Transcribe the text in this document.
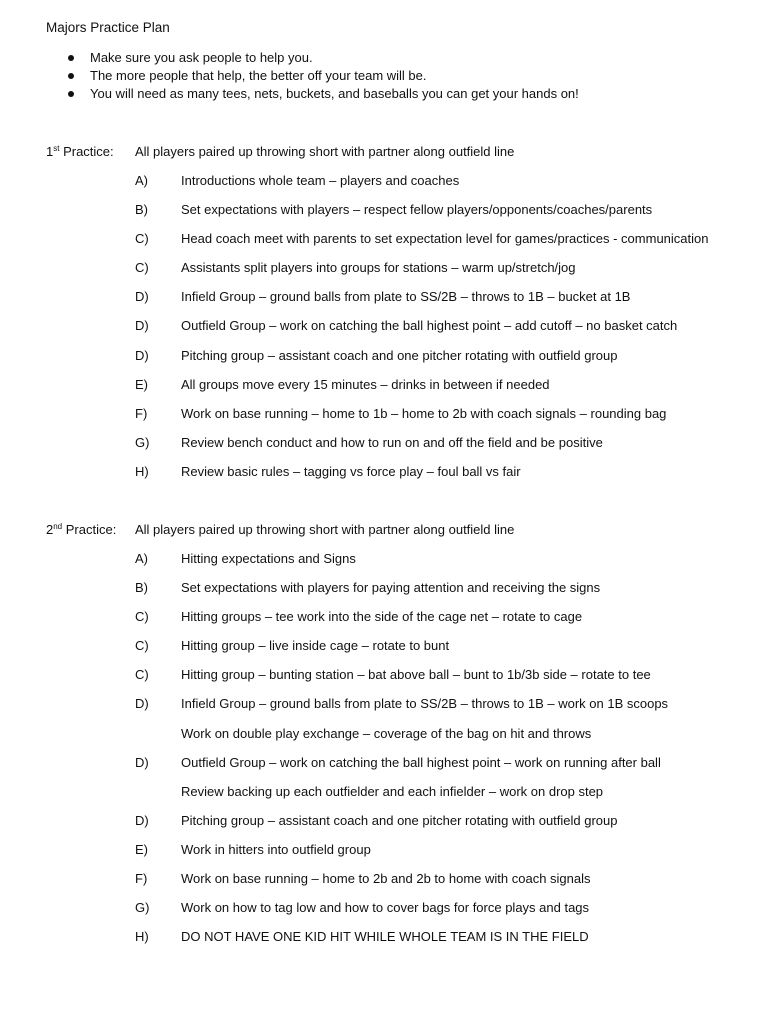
Majors Practice Plan
Make sure you ask people to help you.
The more people that help, the better off your team will be.
You will need as many tees, nets, buckets, and baseballs you can get your hands on!
1st Practice: All players paired up throwing short with partner along outfield line
A)	Introductions whole team – players and coaches
B)	Set expectations with players – respect fellow players/opponents/coaches/parents
C) Head coach meet with parents to set expectation level for games/practices - communication
C) Assistants split players into groups for stations – warm up/stretch/jog
D) Infield Group – ground balls from plate to SS/2B – throws to 1B – bucket at 1B
D) Outfield Group – work on catching the ball highest point – add cutoff – no basket catch
D) Pitching group – assistant coach and one pitcher rotating with outfield group
E)	All groups move every 15 minutes – drinks in between if needed
F)	Work on base running – home to 1b – home to 2b with coach signals – rounding bag
G) Review bench conduct and how to run on and off the field and be positive
H) Review basic rules – tagging vs force play – foul ball vs fair
2nd Practice: All players paired up throwing short with partner along outfield line
A)	Hitting expectations and Signs
B)	Set expectations with players for paying attention and receiving the signs
C) Hitting groups – tee work into the side of the cage net – rotate to cage
C) Hitting group – live inside cage – rotate to bunt
C) Hitting group – bunting station – bat above ball – bunt to 1b/3b side – rotate to tee
D) Infield Group – ground balls from plate to SS/2B – throws to 1B – work on 1B scoops
Work on double play exchange – coverage of the bag on hit and throws
D) Outfield Group – work on catching the ball highest point – work on running after ball
Review backing up each outfielder and each infielder – work on drop step
D) Pitching group – assistant coach and one pitcher rotating with outfield group
E)	Work in hitters into outfield group
F)	Work on base running – home to 2b and 2b to home with coach signals
G) Work on how to tag low and how to cover bags for force plays and tags
H) DO NOT HAVE ONE KID HIT WHILE WHOLE TEAM IS IN THE FIELD
